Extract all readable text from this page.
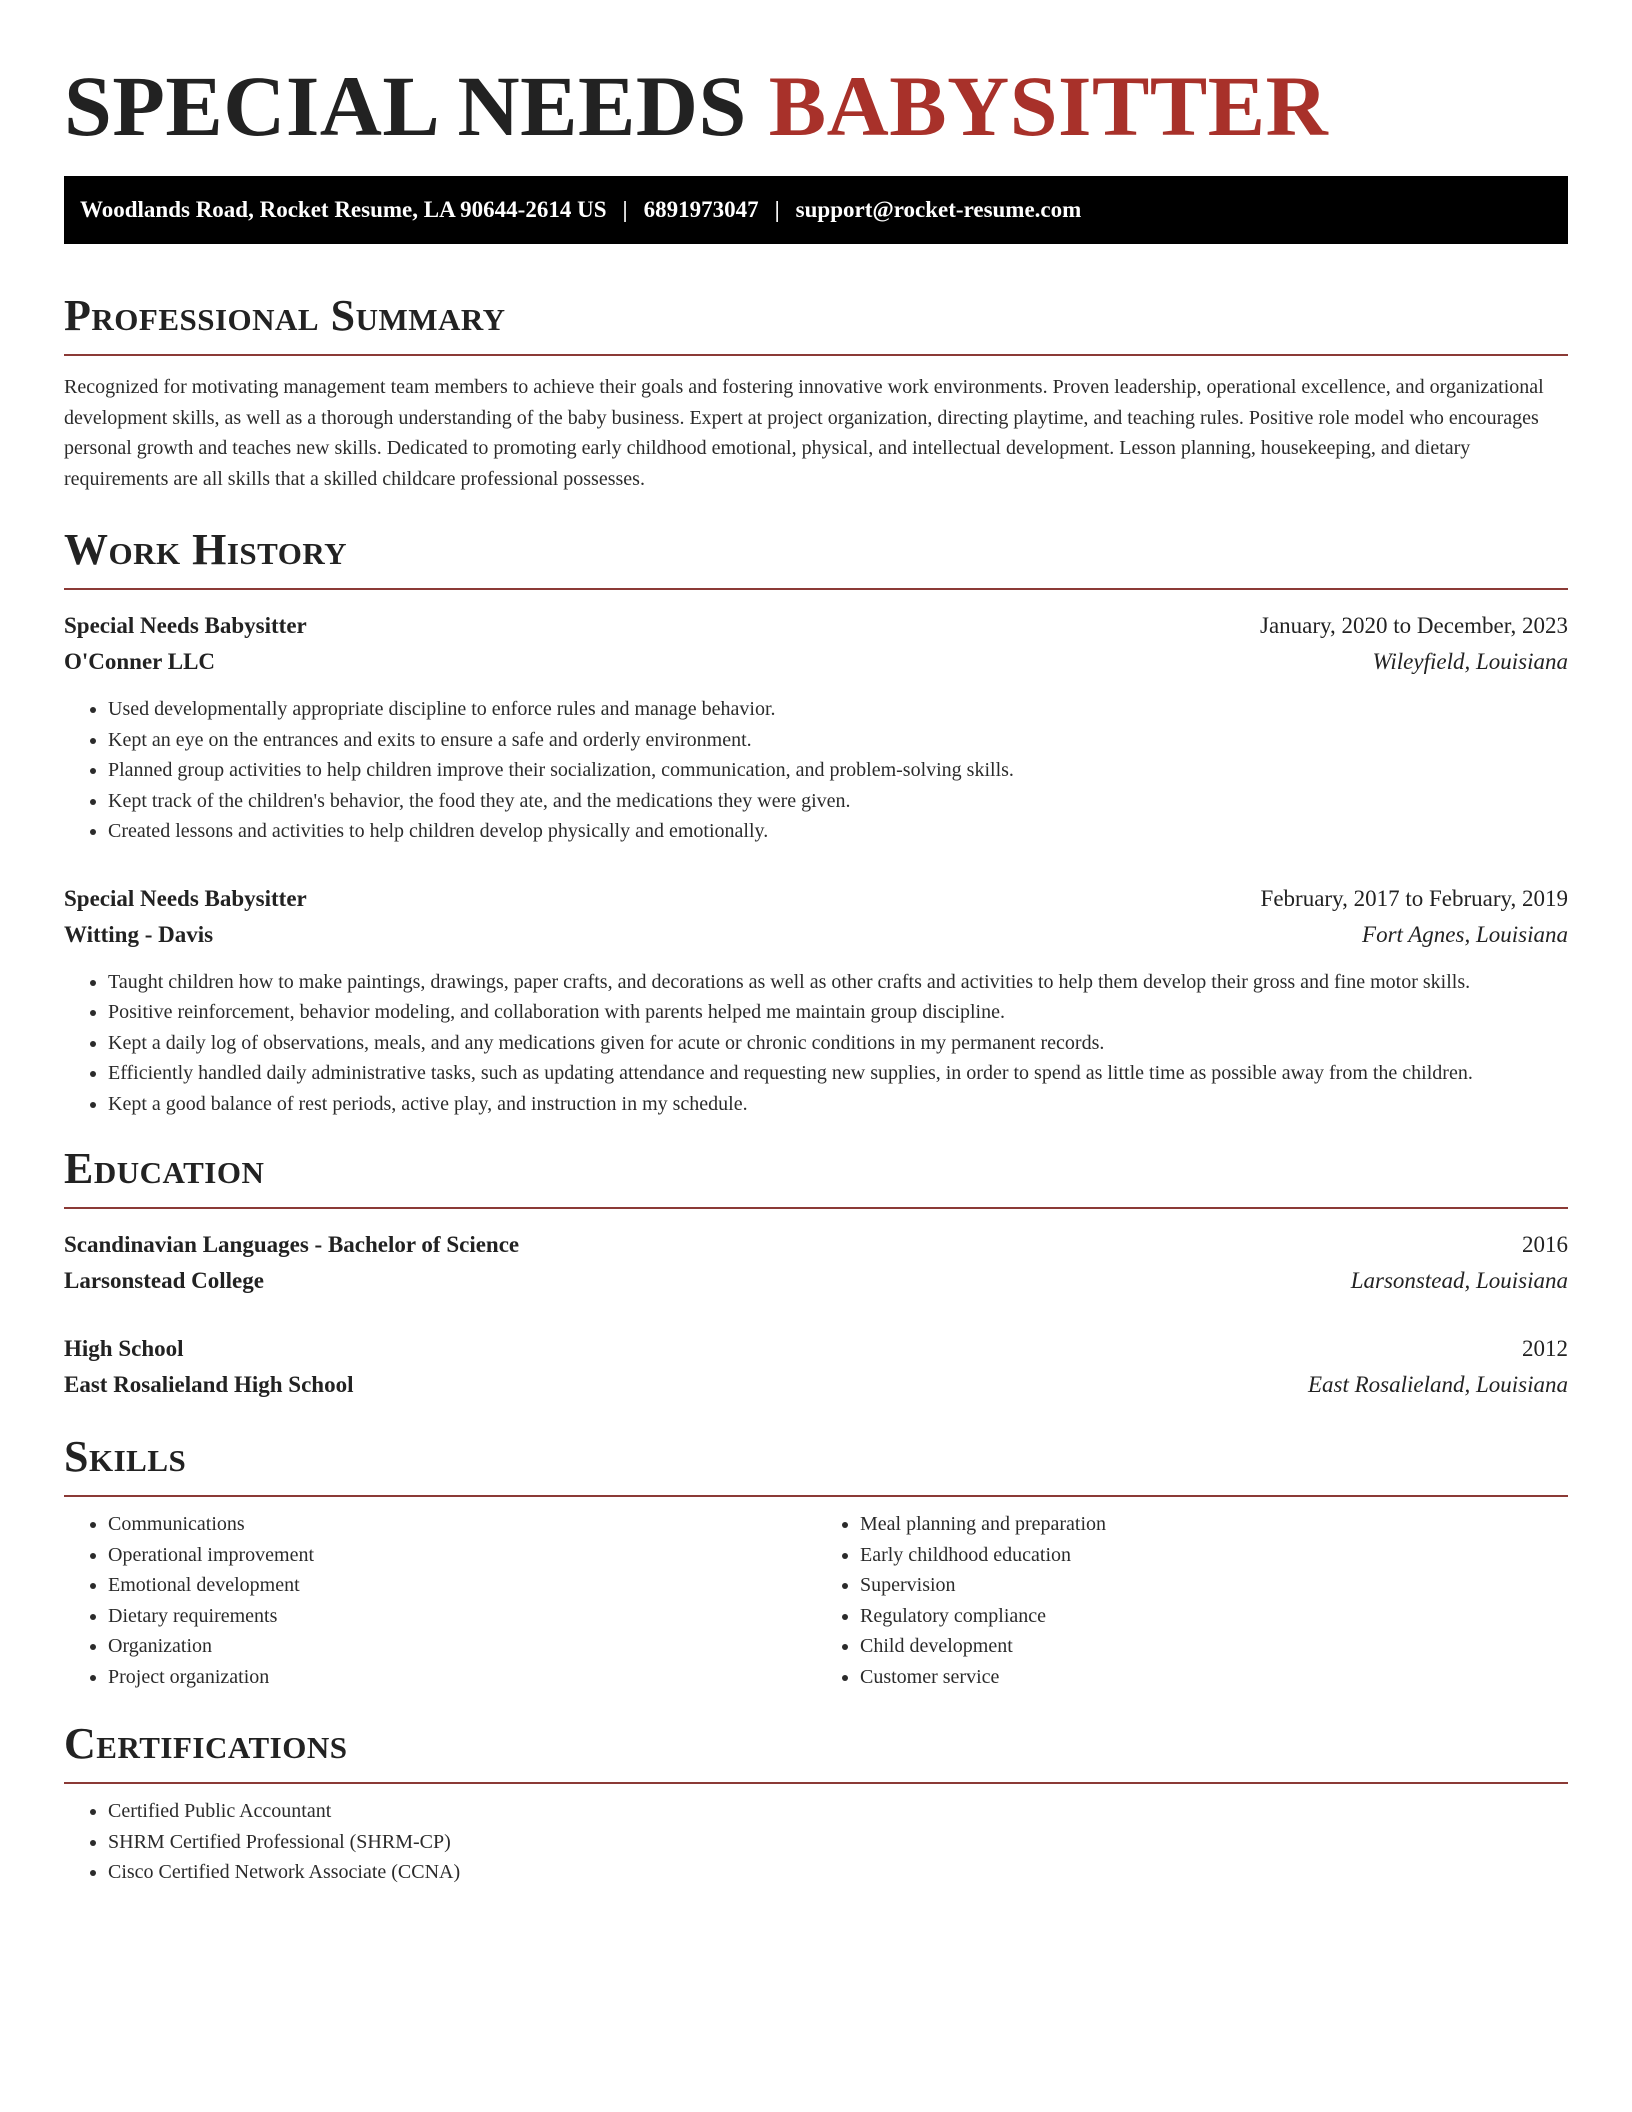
SPECIAL NEEDS BABYSITTER
Woodlands Road, Rocket Resume, LA 90644-2614 US | 6891973047 | support@rocket-resume.com
Professional Summary

Recognized for motivating management team members to achieve their goals and fostering innovative work environments. Proven leadership, operational excellence, and organizational development skills, as well as a thorough understanding of the baby business. Expert at project organization, directing playtime, and teaching rules. Positive role model who encourages personal growth and teaches new skills. Dedicated to promoting early childhood emotional, physical, and intellectual development. Lesson planning, housekeeping, and dietary requirements are all skills that a skilled childcare professional possesses.

Work History
Special Needs Babysitter	January, 2020 to December, 2023
O'Conner LLC	Wileyfield, Louisiana
• Used developmentally appropriate discipline to enforce rules and manage behavior.
• Kept an eye on the entrances and exits to ensure a safe and orderly environment.
• Planned group activities to help children improve their socialization, communication, and problem-solving skills.
• Kept track of the children's behavior, the food they ate, and the medications they were given.
• Created lessons and activities to help children develop physically and emotionally.
Special Needs Babysitter	February, 2017 to February, 2019
Witting - Davis	Fort Agnes, Louisiana
• Taught children how to make paintings, drawings, paper crafts, and decorations as well as other crafts and activities to help them develop their gross and fine motor skills.
• Positive reinforcement, behavior modeling, and collaboration with parents helped me maintain group discipline.
• Kept a daily log of observations, meals, and any medications given for acute or chronic conditions in my permanent records.
• Efficiently handled daily administrative tasks, such as updating attendance and requesting new supplies, in order to spend as little time as possible away from the children.
• Kept a good balance of rest periods, active play, and instruction in my schedule.
Education
Scandinavian Languages - Bachelor of Science	2016
Larsonstead College	Larsonstead, Louisiana
High School	2012
East Rosalieland High School	East Rosalieland, Louisiana
Skills
• Communications
• Operational improvement
• Emotional development
• Dietary requirements
• Organization
• Project organization
• Meal planning and preparation
• Early childhood education
• Supervision
• Regulatory compliance
• Child development
• Customer service
Certifications
• Certified Public Accountant
• SHRM Certified Professional (SHRM-CP)
• Cisco Certified Network Associate (CCNA)
